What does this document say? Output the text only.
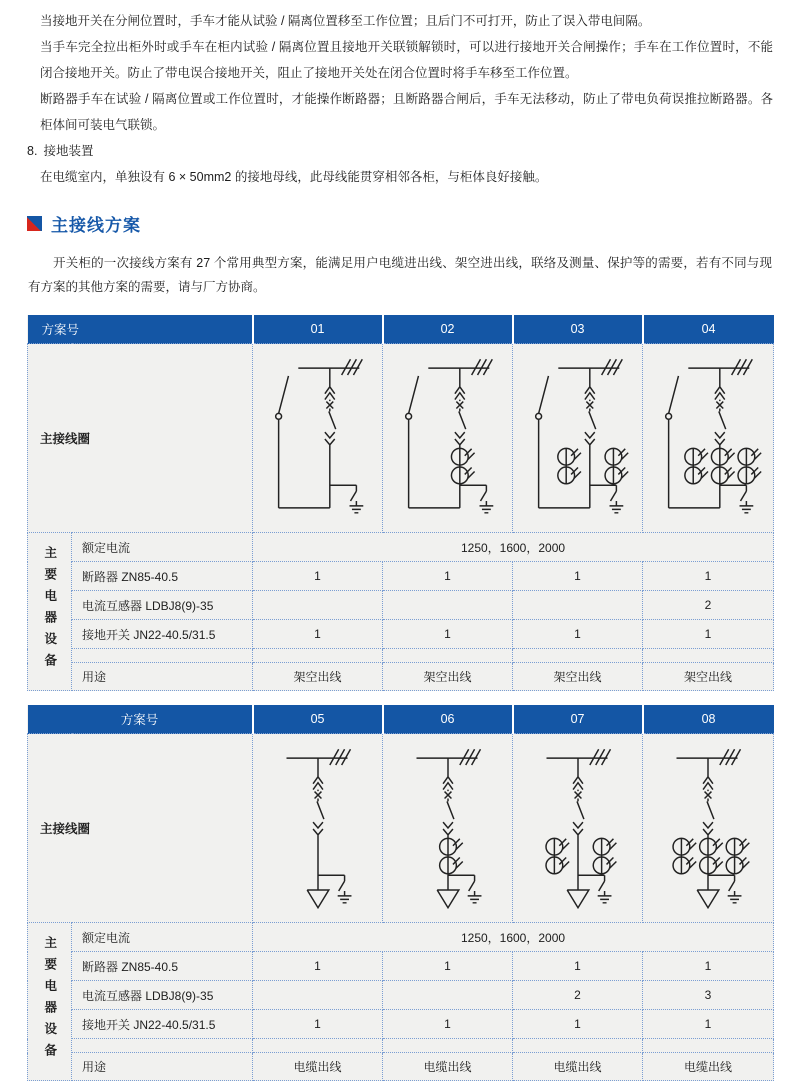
当接地开关在分闸位置时，手车才能从试验 / 隔离位置移至工作位置；且后门不可打开，防止了误入带电间隔。

当手车完全拉出柜外时或手车在柜内试验 / 隔离位置且接地开关联锁解锁时，可以进行接地开关合闸操作；手车在工作位置时，不能闭合接地开关。防止了带电误合接地开关，阻止了接地开关处在闭合位置时将手车移至工作位置。

断路器手车在试验 / 隔离位置或工作位置时，才能操作断路器；且断路器合闸后，手车无法移动，防止了带电负荷误推拉断路器。各柜体间可装电气联锁。

8. 接地装置

在电缆室内，单独设有 6 × 50mm2 的接地母线，此母线能贯穿相邻各柜，与柜体良好接触。

主接线方案
开关柜的一次接线方案有 27 个常用典型方案，能满足用户电缆进出线、架空进出线，联络及测量、保护等的需要，若有不同与现有方案的其他方案的需要，请与厂方协商。
方案号		01	02	03	04
主接线圈	

主要电器设备	额定电流	1250，1600，2000			
	断路器 ZN85-40.5	1	1	1	1
	电流互感器 LDBJ8(9)-35				2
	接地开关 JN22-40.5/31.5	1	1	1	1

	用途	架空出线	架空出线	架空出线	架空出线
方案号		05	06	07	08
主接线圈	

主要电器设备	额定电流	1250，1600，2000			
	断路器 ZN85-40.5	1	1	1	1
	电流互感器 LDBJ8(9)-35			2	3
	接地开关 JN22-40.5/31.5	1	1	1	1

	用途	电缆出线	电缆出线	电缆出线	电缆出线
